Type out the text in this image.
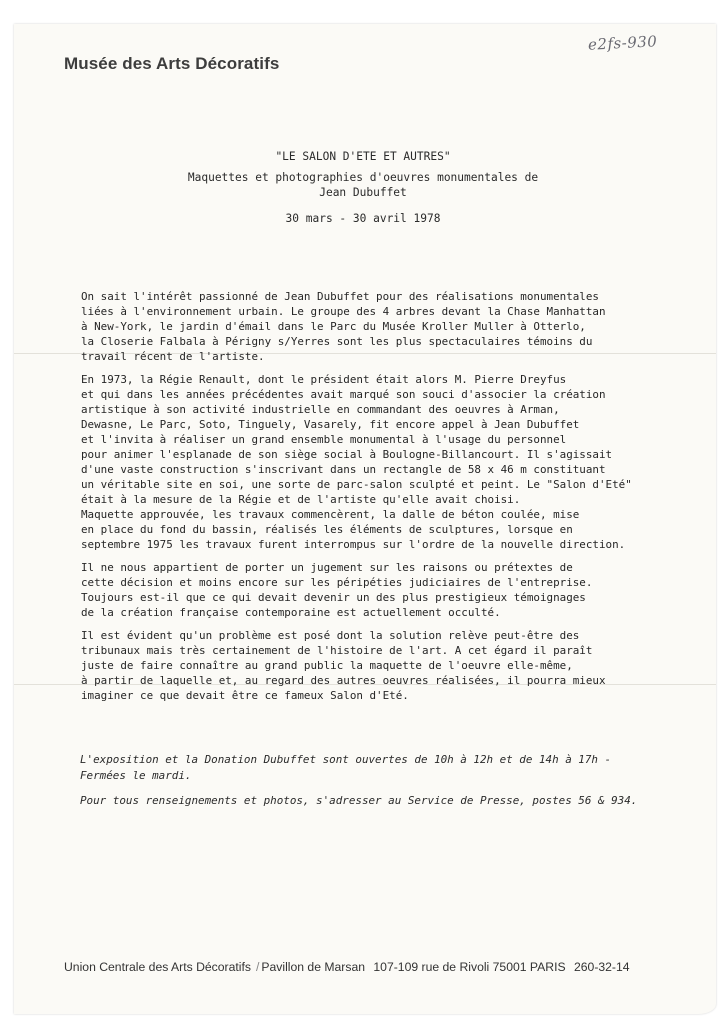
Musée des Arts Décoratifs
e2fs-930
"LE SALON D'ETE ET AUTRES"
Maquettes et photographies d'oeuvres monumentales de
Jean Dubuffet
30 mars - 30 avril 1978

On sait l'intérêt passionné de Jean Dubuffet pour des réalisations monumentales
liées à l'environnement urbain. Le groupe des 4 arbres devant la Chase Manhattan
à New-York, le jardin d'émail dans le Parc du Musée Kroller Muller à Otterlo,
la Closerie Falbala à Périgny s/Yerres sont les plus spectaculaires témoins du
travail récent de l'artiste.

En 1973, la Régie Renault, dont le président était alors M. Pierre Dreyfus
et qui dans les années précédentes avait marqué son souci d'associer la création
artistique à son activité industrielle en commandant des oeuvres à Arman,
Dewasne, Le Parc, Soto, Tinguely, Vasarely, fit encore appel à Jean Dubuffet
et l'invita à réaliser un grand ensemble monumental à l'usage du personnel
pour animer l'esplanade de son siège social à Boulogne-Billancourt. Il s'agissait
d'une vaste construction s'inscrivant dans un rectangle de 58 x 46 m constituant
un véritable site en soi, une sorte de parc-salon sculpté et peint. Le "Salon d'Eté"
était à la mesure de la Régie et de l'artiste qu'elle avait choisi.
Maquette approuvée, les travaux commencèrent, la dalle de béton coulée, mise
en place du fond du bassin, réalisés les éléments de sculptures, lorsque en
septembre 1975 les travaux furent interrompus sur l'ordre de la nouvelle direction.

Il ne nous appartient de porter un jugement sur les raisons ou prétextes de
cette décision et moins encore sur les péripéties judiciaires de l'entreprise.
Toujours est-il que ce qui devait devenir un des plus prestigieux témoignages
de la création française contemporaine est actuellement occulté.

Il est évident qu'un problème est posé dont la solution relève peut-être des
tribunaux mais très certainement de l'histoire de l'art. A cet égard il paraît
juste de faire connaître au grand public la maquette de l'oeuvre elle-même,
à partir de laquelle et, au regard des autres oeuvres réalisées, il pourra mieux
imaginer ce que devait être ce fameux Salon d'Eté.

L'exposition et la Donation Dubuffet sont ouvertes de 10h à 12h et de 14h à 17h -
Fermées le mardi.
Pour tous renseignements et photos, s'adresser au Service de Presse, postes 56 & 934.
Union Centrale des Arts Décoratifs / Pavillon de Marsan 107-109 rue de Rivoli 75001 PARIS 260-32-14
